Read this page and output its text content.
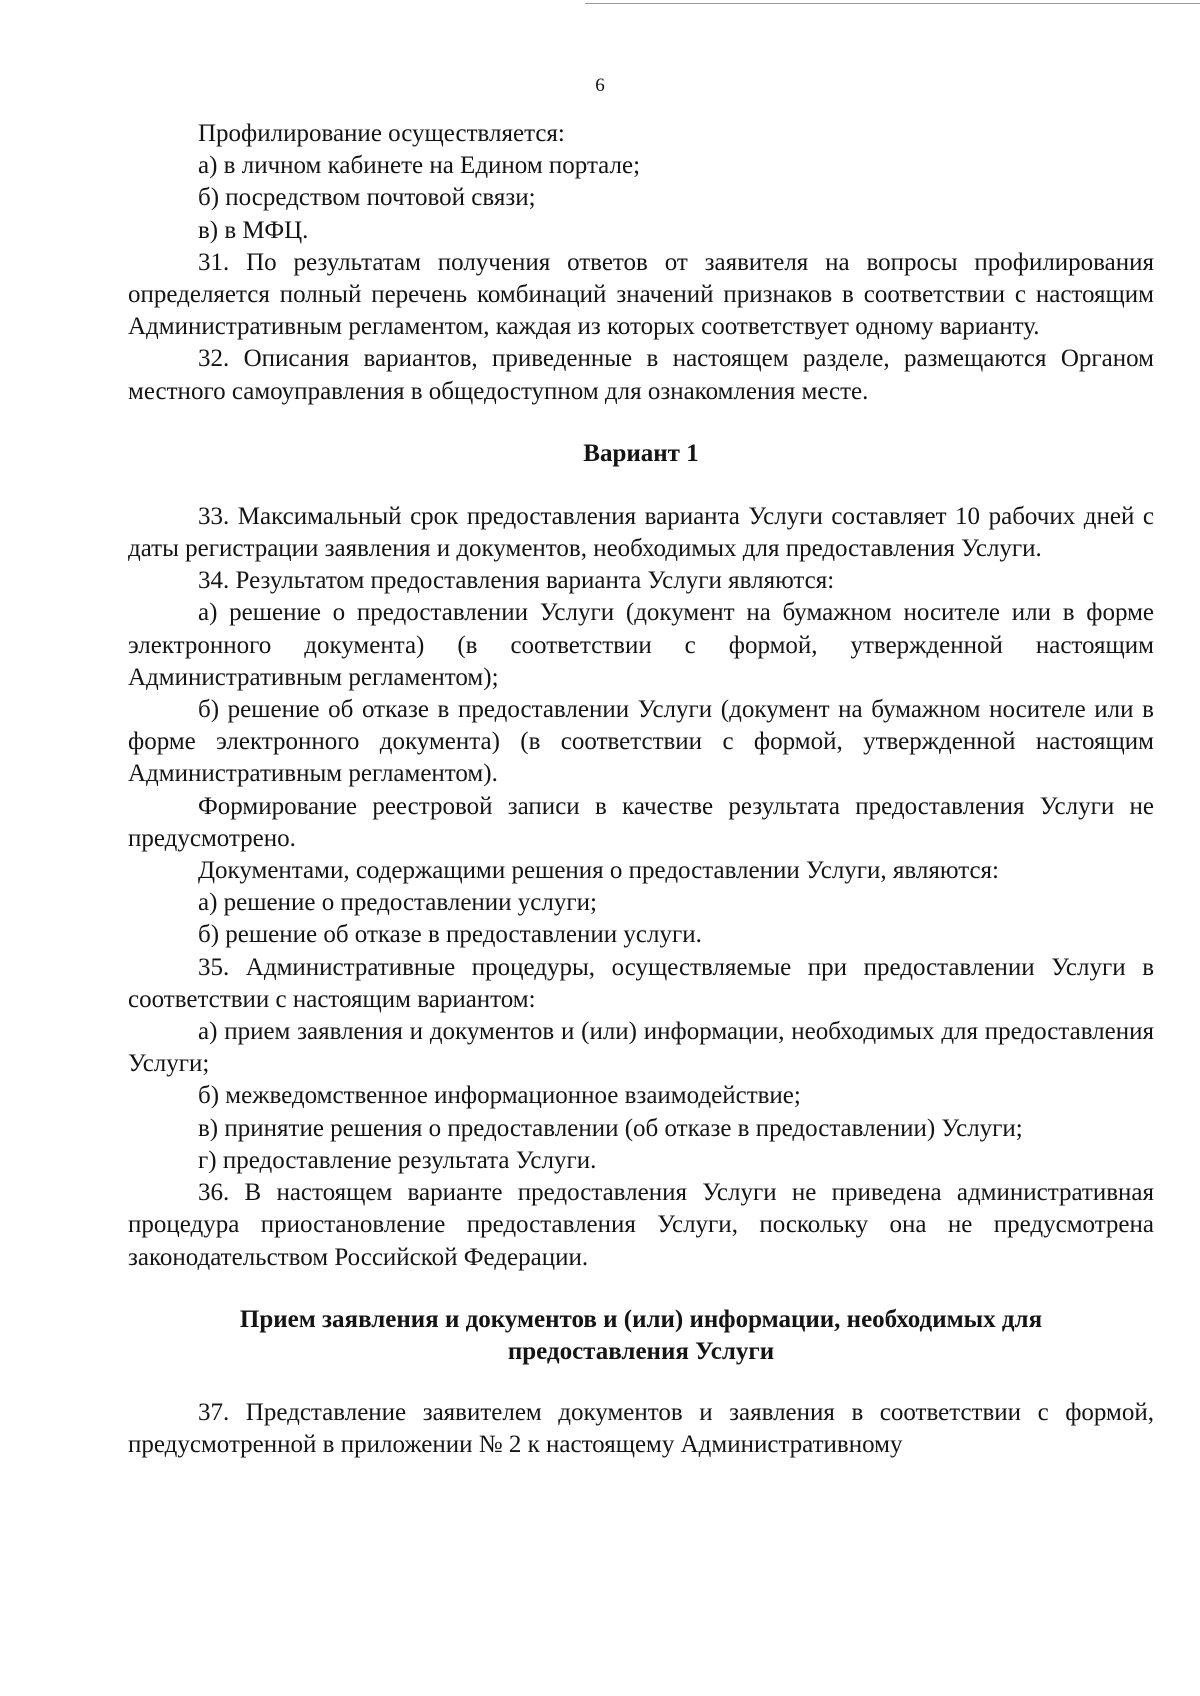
6

Профилирование осуществляется:

а) в личном кабинете на Едином портале;

б) посредством почтовой связи;

в) в МФЦ.

31. По результатам получения ответов от заявителя на вопросы профилирования определяется полный перечень комбинаций значений признаков в соответствии с настоящим Административным регламентом, каждая из которых соответствует одному варианту.

32. Описания вариантов, приведенные в настоящем разделе, размещаются Органом местного самоуправления в общедоступном для ознакомления месте.

Вариант 1

33. Максимальный срок предоставления варианта Услуги составляет 10 рабочих дней с даты регистрации заявления и документов, необходимых для предоставления Услуги.

34. Результатом предоставления варианта Услуги являются:

а) решение о предоставлении Услуги (документ на бумажном носителе или в форме электронного документа) (в соответствии с формой, утвержденной настоящим Административным регламентом);

б) решение об отказе в предоставлении Услуги (документ на бумажном носителе или в форме электронного документа) (в соответствии с формой, утвержденной настоящим Административным регламентом).

Формирование реестровой записи в качестве результата предоставления Услуги не предусмотрено.

Документами, содержащими решения о предоставлении Услуги, являются:

а) решение о предоставлении услуги;

б) решение об отказе в предоставлении услуги.

35. Административные процедуры, осуществляемые при предоставлении Услуги в соответствии с настоящим вариантом:

а) прием заявления и документов и (или) информации, необходимых для предоставления Услуги;

б) межведомственное информационное взаимодействие;

в) принятие решения о предоставлении (об отказе в предоставлении) Услуги;

г) предоставление результата Услуги.

36. В настоящем варианте предоставления Услуги не приведена административная процедура приостановление предоставления Услуги, поскольку она не предусмотрена законодательством Российской Федерации.

Прием заявления и документов и (или) информации, необходимых для предоставления Услуги

37. Представление заявителем документов и заявления в соответствии с формой, предусмотренной в приложении № 2 к настоящему Административному
